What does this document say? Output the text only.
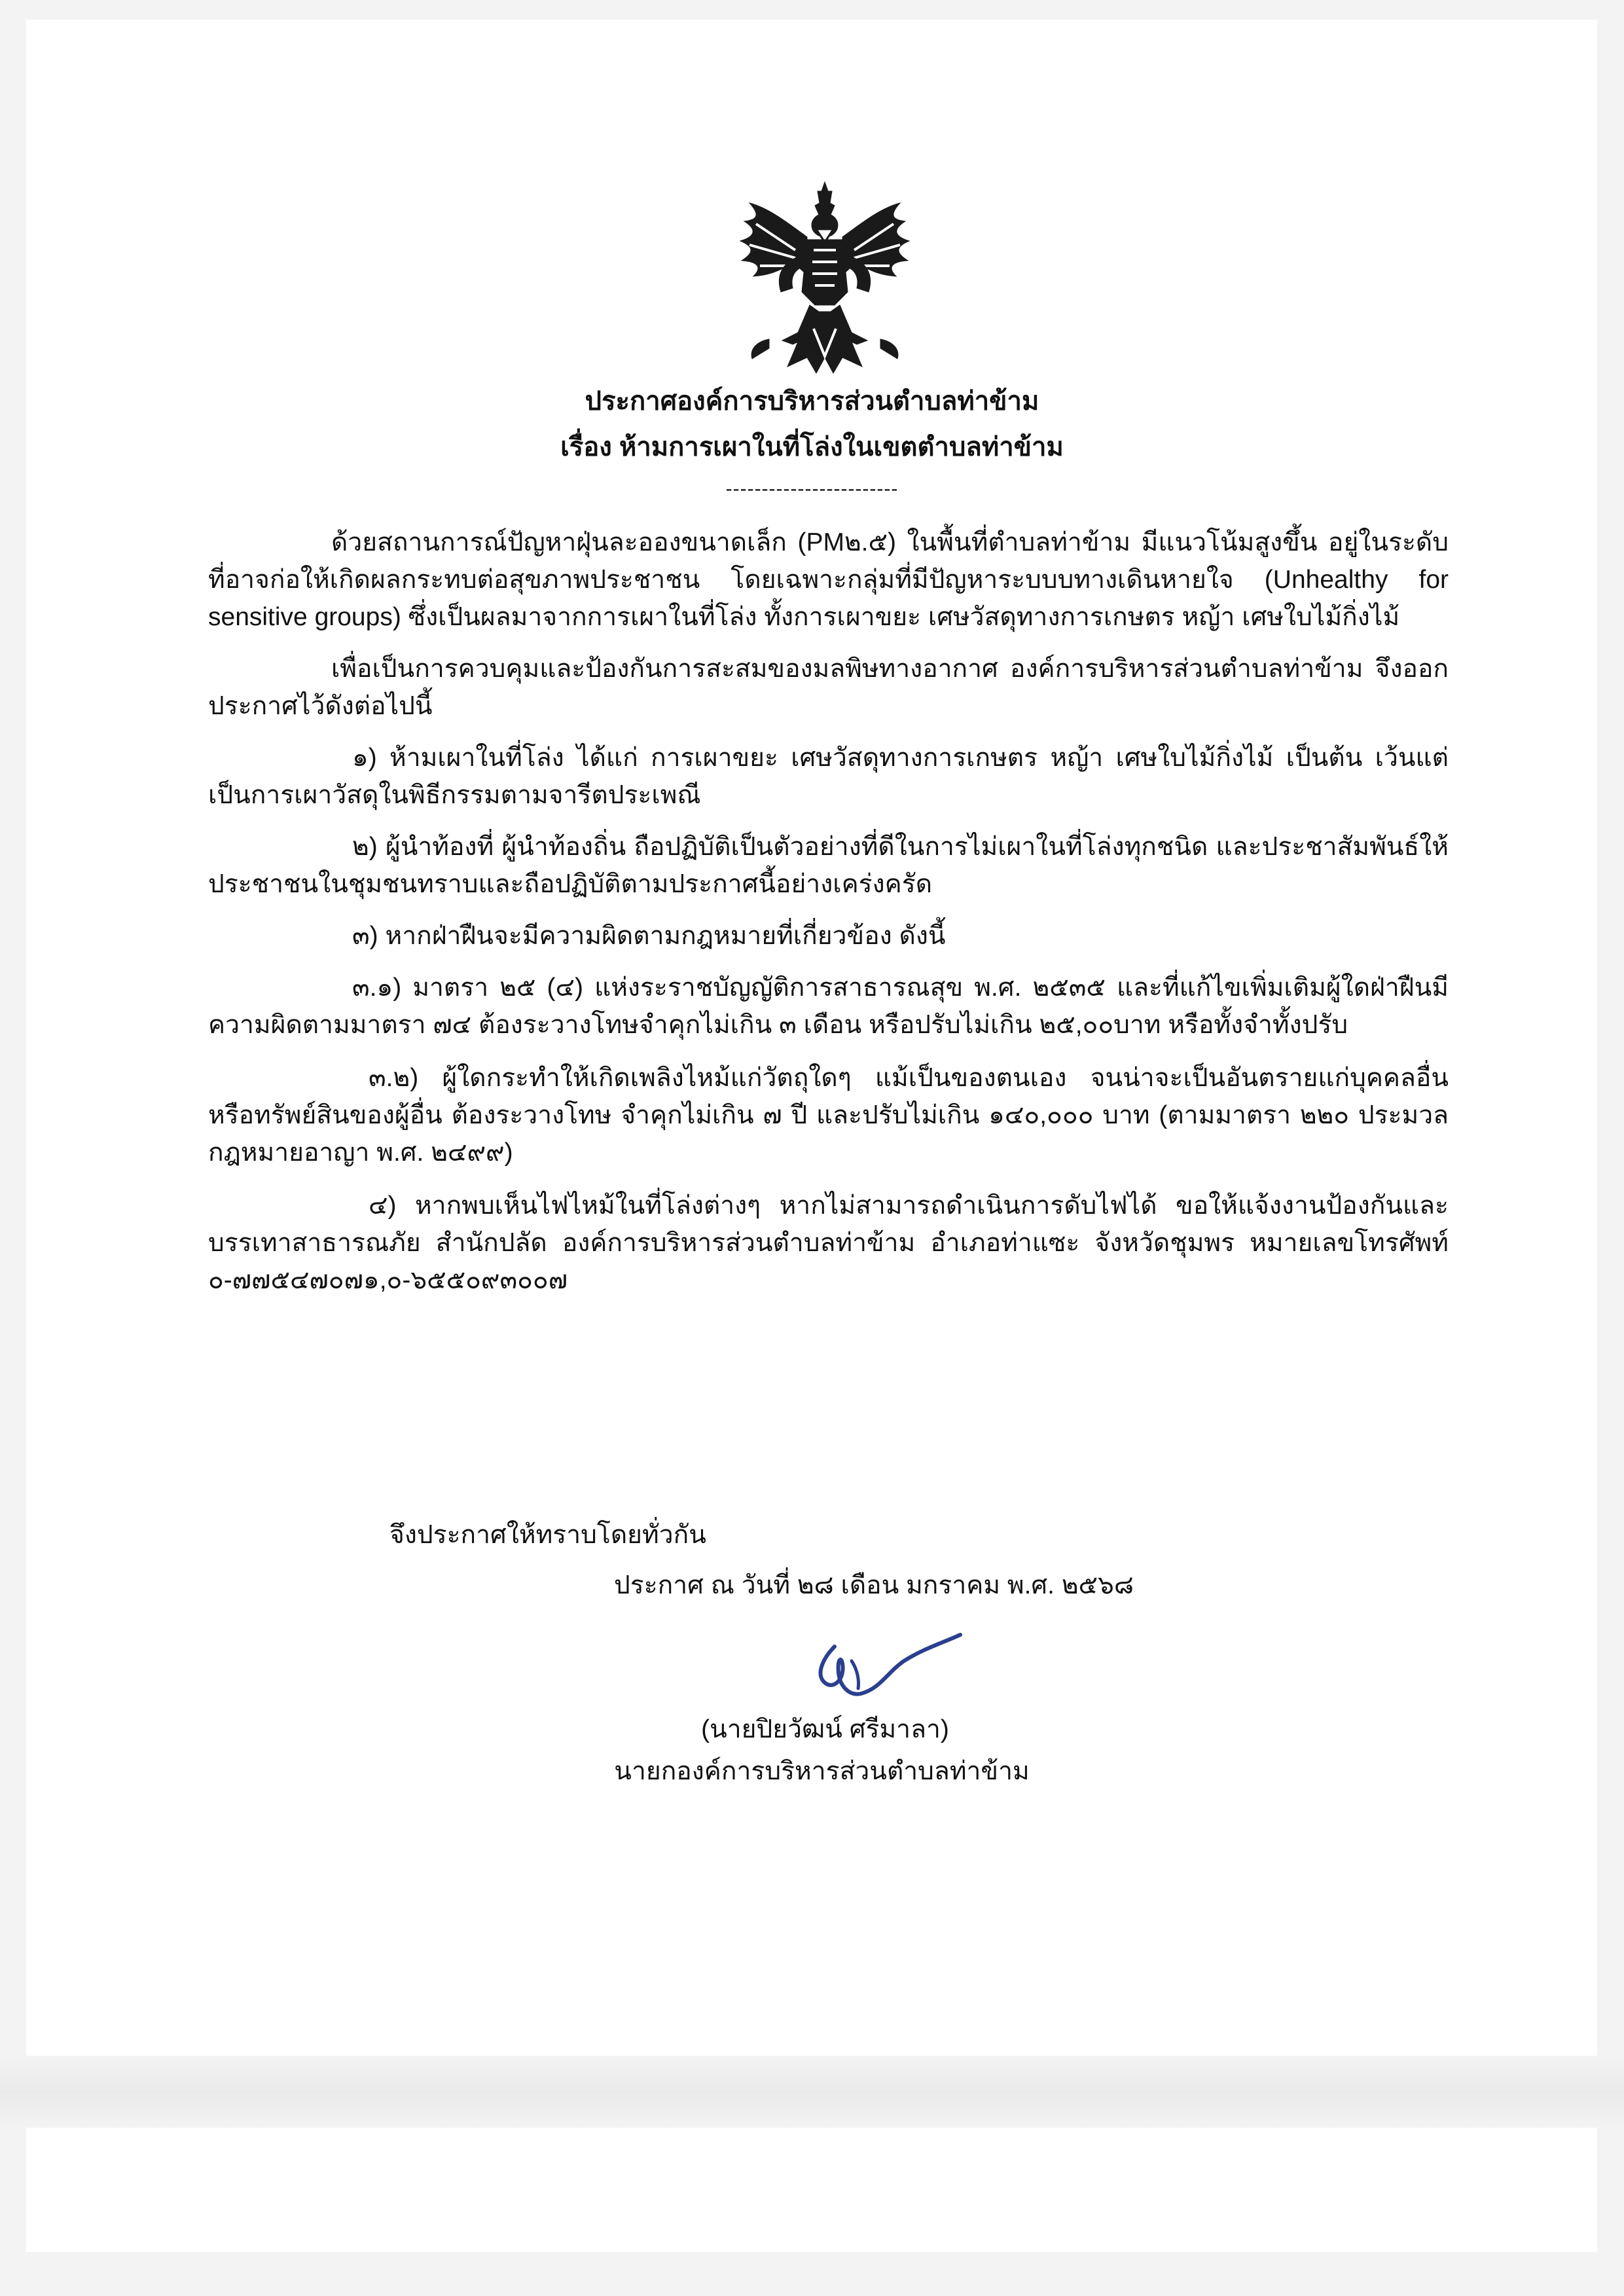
ประกาศองค์การบริหารส่วนตำบลท่าข้าม
เรื่อง ห้ามการเผาในที่โล่งในเขตตำบลท่าข้าม
------------------------

ด้วยสถานการณ์ปัญหาฝุ่นละอองขนาดเล็ก (PM๒.๕) ในพื้นที่ตำบลท่าข้าม มีแนวโน้มสูงขึ้น อยู่ในระดับที่อาจก่อให้เกิดผลกระทบต่อสุขภาพประชาชน โดยเฉพาะกลุ่มที่มีปัญหาระบบบทางเดินหายใจ (Unhealthy for sensitive groups) ซึ่งเป็นผลมาจากการเผาในที่โล่ง ทั้งการเผาขยะ เศษวัสดุทางการเกษตร หญ้า เศษใบไม้กิ่งไม้

เพื่อเป็นการควบคุมและป้องกันการสะสมของมลพิษทางอากาศ องค์การบริหารส่วนตำบลท่าข้าม จึงออกประกาศไว้ดังต่อไปนี้

๑) ห้ามเผาในที่โล่ง ได้แก่ การเผาขยะ เศษวัสดุทางการเกษตร หญ้า เศษใบไม้กิ่งไม้ เป็นต้น เว้นแต่เป็นการเผาวัสดุในพิธีกรรมตามจารีตประเพณี

๒) ผู้นำท้องที่ ผู้นำท้องถิ่น ถือปฏิบัติเป็นตัวอย่างที่ดีในการไม่เผาในที่โล่งทุกชนิด และประชาสัมพันธ์ให้ประชาชนในชุมชนทราบและถือปฏิบัติตามประกาศนี้อย่างเคร่งครัด

๓) หากฝ่าฝืนจะมีความผิดตามกฎหมายที่เกี่ยวข้อง ดังนี้

๓.๑) มาตรา ๒๕ (๔) แห่งระราชบัญญัติการสาธารณสุข พ.ศ. ๒๕๓๕ และที่แก้ไขเพิ่มเติมผู้ใดฝ่าฝืนมีความผิดตามมาตรา ๗๔ ต้องระวางโทษจำคุกไม่เกิน ๓ เดือน หรือปรับไม่เกิน ๒๕,๐๐บาท หรือทั้งจำทั้งปรับ

๓.๒) ผู้ใดกระทำให้เกิดเพลิงไหม้แก่วัตถุใดๆ แม้เป็นของตนเอง จนน่าจะเป็นอันตรายแก่บุคคลอื่น หรือทรัพย์สินของผู้อื่น ต้องระวางโทษ จำคุกไม่เกิน ๗ ปี และปรับไม่เกิน ๑๔๐,๐๐๐ บาท (ตามมาตรา ๒๒๐ ประมวลกฎหมายอาญา พ.ศ. ๒๔๙๙)

๔) หากพบเห็นไฟไหม้ในที่โล่งต่างๆ หากไม่สามารถดำเนินการดับไฟได้ ขอให้แจ้งงานป้องกันและบรรเทาสาธารณภัย สำนักปลัด องค์การบริหารส่วนตำบลท่าข้าม อำเภอท่าแซะ จังหวัดชุมพร หมายเลขโทรศัพท์ ๐-๗๗๕๔๗๐๗๑,๐-๖๕๕๐๙๓๐๐๗

จึงประกาศให้ทราบโดยทั่วกัน
ประกาศ ณ วันที่ ๒๘ เดือน มกราคม พ.ศ. ๒๕๖๘
(นายปิยวัฒน์ ศรีมาลา)
นายกองค์การบริหารส่วนตำบลท่าข้าม
